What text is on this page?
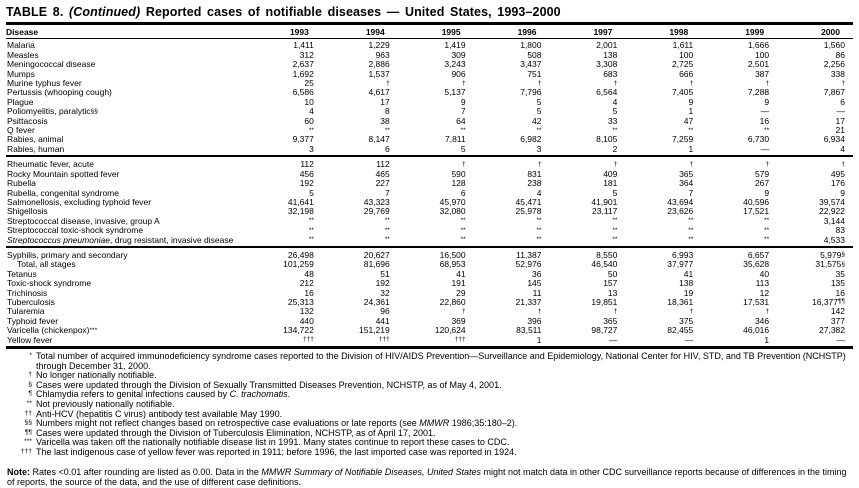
TABLE 8. (Continued) Reported cases of notifiable diseases — United States, 1993–2000
Disease	1993	1994	1995	1996	1997	1998	1999	2000
Malaria	1,411	1,229	1,419	1,800	2,001	1,611	1,666	1,560
Measles	312	963	309	508	138	100	100	86
Meningococcal disease	2,637	2,886	3,243	3,437	3,308	2,725	2,501	2,256
Mumps	1,692	1,537	906	751	683	666	387	338
Murine typhus fever	25	†	†	†	†	†	†	†
Pertussis (whooping cough)	6,586	4,617	5,137	7,796	6,564	7,405	7,288	7,867
Plague	10	17	9	5	4	9	9	6
Poliomyelitis, paralytic§§	4	8	7	5	5	1	—	—
Psittacosis	60	38	64	42	33	47	16	17
Q fever	**	**	**	**	**	**	**	21
Rabies, animal	9,377	8,147	7,811	6,982	8,105	7,259	6,730	6,934
Rabies, human	3	6	5	3	2	1	—	4
Rheumatic fever, acute	112	112	†	†	†	†	†	†
Rocky Mountain spotted fever	456	465	590	831	409	365	579	495
Rubella	192	227	128	238	181	364	267	176
Rubella, congenital syndrome	5	7	6	4	5	7	9	9
Salmonellosis, excluding typhoid fever	41,641	43,323	45,970	45,471	41,901	43,694	40,596	39,574
Shigellosis	32,198	29,769	32,080	25,978	23,117	23,626	17,521	22,922
Streptococcal disease, invasive, group A	**	**	**	**	**	**	**	3,144
Streptococcal toxic-shock syndrome	**	**	**	**	**	**	**	83
Streptococcus pneumoniae, drug resistant, invasive disease	**	**	**	**	**	**	**	4,533
Syphilis, primary and secondary	26,498	20,627	16,500	11,387	8,550	6,993	6,657	5,979§
Total, all stages	101,259	81,696	68,953	52,976	46,540	37,977	35,628	31,575§
Tetanus	48	51	41	36	50	41	40	35
Toxic-shock syndrome	212	192	191	145	157	138	113	135
Trichinosis	16	32	29	11	13	19	12	16
Tuberculosis	25,313	24,361	22,860	21,337	19,851	18,361	17,531	16,377¶¶
Tularemia	132	96	†	†	†	†	†	142
Typhoid fever	440	441	369	396	365	375	346	377
Varicella (chickenpox)***	134,722	151,219	120,624	83,511	98,727	82,455	46,016	27,382
Yellow fever	†††	†††	†††	1	—	—	1	—
* Total number of acquired immunodeficiency syndrome cases reported to the Division of HIV/AIDS Prevention—Surveillance and Epidemiology, National Center for HIV, STD, and TB Prevention (NCHSTP) through December 31, 2000.
† No longer nationally notifiable.
§ Cases were updated through the Division of Sexually Transmitted Diseases Prevention, NCHSTP, as of May 4, 2001.
¶ Chlamydia refers to genital infections caused by C. trachomatis.
** Not previously nationally notifiable.
†† Anti-HCV (hepatitis C virus) antibody test available May 1990.
§§ Numbers might not reflect changes based on retrospective case evaluations or late reports (see MMWR 1986;35:180–2).
¶¶ Cases were updated through the Division of Tuberculosis Elimination, NCHSTP, as of April 17, 2001.
*** Varicella was taken off the nationally notifiable disease list in 1991. Many states continue to report these cases to CDC.
††† The last indigenous case of yellow fever was reported in 1911; before 1996, the last imported case was reported in 1924.
Note: Rates <0.01 after rounding are listed as 0.00. Data in the MMWR Summary of Notifiable Diseases, United States might not match data in other CDC surveillance reports because of differences in the timing of reports, the source of the data, and the use of different case definitions.
